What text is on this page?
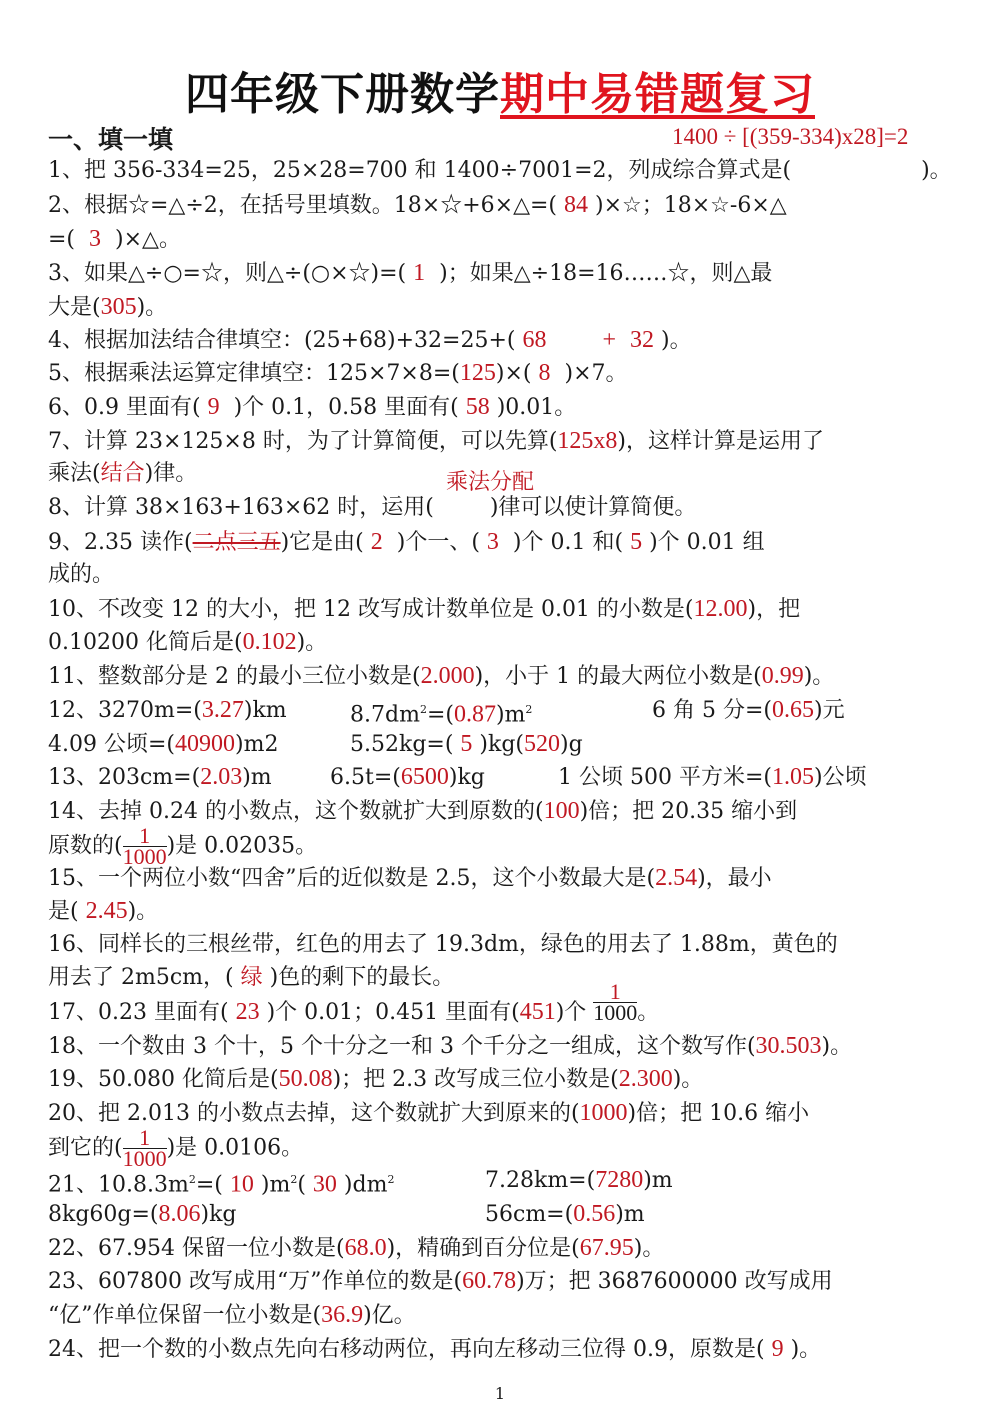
四年级下册数学期中易错题复习
一、填一填	1400 ÷ [(359-334)x28]=2
1、把 356-334=25，25×28=700 和 1400÷7001=2，列成综合算式是(	)。
2、根据☆=△÷2，在括号里填数。18×☆+6×△=( 84 )×☆；18×☆-6×△
=( 3 )×△。
3、如果△÷○=☆，则△÷(○×☆)=( 1 )；如果△÷18=16……☆，则△最
大是(305)。
4、根据加法结合律填空：(25+68)+32=25+( 68 + 32 )。
5、根据乘法运算定律填空：125×7×8=(125)×( 8 )×7。
6、0.9 里面有( 9 )个 0.1，0.58 里面有( 58 )0.01。
7、计算 23×125×8 时，为了计算简便，可以先算(125x8)，这样计算是运用了
乘法(结合)律。	乘法分配
8、计算 38×163+163×62 时，运用(	)律可以使计算简便。
9、2.35 读作(二点三五)它是由( 2 )个一、( 3 )个 0.1 和( 5 )个 0.01 组
成的。
10、不改变 12 的大小，把 12 改写成计数单位是 0.01 的小数是(12.00)，把
0.10200 化简后是(0.102)。
11、整数部分是 2 的最小三位小数是(2.000)，小于 1 的最大两位小数是(0.99)。
12、3270m=(3.27)km	$8.7dm^2=(0.87)m^2$	6 角 5 分=(0.65)元
4.09 公顷=(40900)m2	5.52kg=( 5 )kg(520)g
13、203cm=(2.03)m	6.5t=(6500)kg	1 公顷 500 平方米=(1.05)公顷
14、去掉 0.24 的小数点，这个数就扩大到原数的(100)倍；把 20.35 缩小到
原数的( $\frac{1}{1000}$ )是 0.02035。
15、一个两位小数“四舍”后的近似数是 2.5，这个小数最大是(2.54)，最小
是( 2.45)。
16、同样长的三根丝带，红色的用去了 19.3dm，绿色的用去了 1.88m，黄色的
用去了 2m5cm，( 绿 )色的剩下的最长。
17、0.23 里面有( 23 )个 0.01；0.451 里面有(451)个 $\frac{1}{1000}$ 。
18、一个数由 3 个十，5 个十分之一和 3 个千分之一组成，这个数写作(30.503)。
19、50.080 化简后是(50.08)；把 2.3 改写成三位小数是(2.300)。
20、把 2.013 的小数点去掉，这个数就扩大到原来的(1000)倍；把 10.6 缩小
到它的( $\frac{1}{1000}$ )是 0.0106。
21、$10.8.3m^2=$( 10 )$m^2$( 30 )$dm^2$	7.28km=(7280)m
8kg60g=(8.06)kg	56cm=(0.56)m
22、67.954 保留一位小数是(68.0)，精确到百分位是(67.95)。
23、607800 改写成用“万”作单位的数是(60.78)万；把 3687600000 改写成用
“亿”作单位保留一位小数是(36.9)亿。
24、把一个数的小数点先向右移动两位，再向左移动三位得 0.9，原数是( 9 )。
1
